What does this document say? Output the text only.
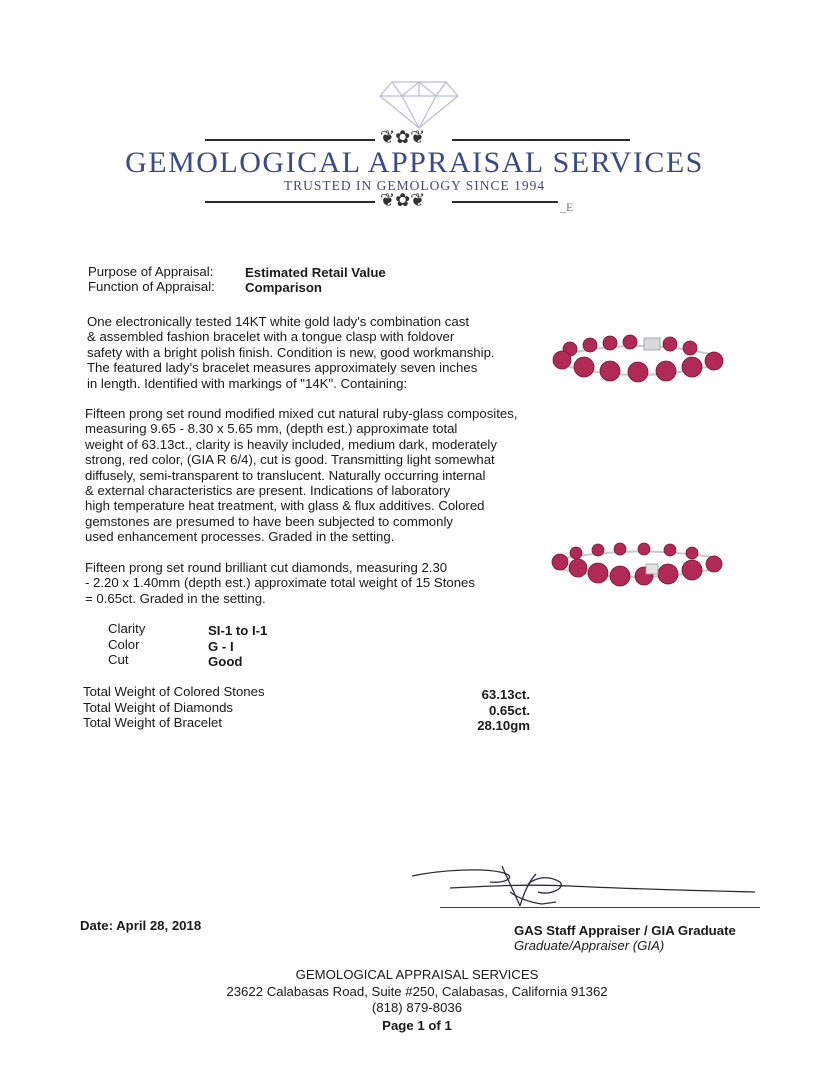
❦✿❦
GEMOLOGICAL APPRAISAL SERVICES
TRUSTED IN GEMOLOGY SINCE 1994
❦✿❦	_E
Purpose of Appraisal: Estimated Retail Value
Function of Appraisal: Comparison
One electronically tested 14KT white gold lady's combination cast
& assembled fashion bracelet with a tongue clasp with foldover
safety with a bright polish finish. Condition is new, good workmanship.
The featured lady's bracelet measures approximately seven inches
in length. Identified with markings of "14K". Containing:
Fifteen prong set round modified mixed cut natural ruby-glass composites,
measuring 9.65 - 8.30 x 5.65 mm, (depth est.) approximate total
weight of 63.13ct., clarity is heavily included, medium dark, moderately
strong, red color, (GIA R 6/4), cut is good. Transmitting light somewhat
diffusely, semi-transparent to translucent. Naturally occurring internal
& external characteristics are present. Indications of laboratory
high temperature heat treatment, with glass & flux additives. Colored
gemstones are presumed to have been subjected to commonly
used enhancement processes. Graded in the setting.
Fifteen prong set round brilliant cut diamonds, measuring 2.30
- 2.20 x 1.40mm (depth est.) approximate total weight of 15 Stones
= 0.65ct. Graded in the setting.
Clarity	SI-1 to I-1
Color	G - I
Cut	Good
Total Weight of Colored Stones	63.13ct.
Total Weight of Diamonds	0.65ct.
Total Weight of Bracelet	28.10gm
Date: April 28, 2018	GAS Staff Appraiser / GIA Graduate
Graduate/Appraiser (GIA)
GEMOLOGICAL APPRAISAL SERVICES
23622 Calabasas Road, Suite #250, Calabasas, California 91362
(818) 879-8036
Page 1 of 1
